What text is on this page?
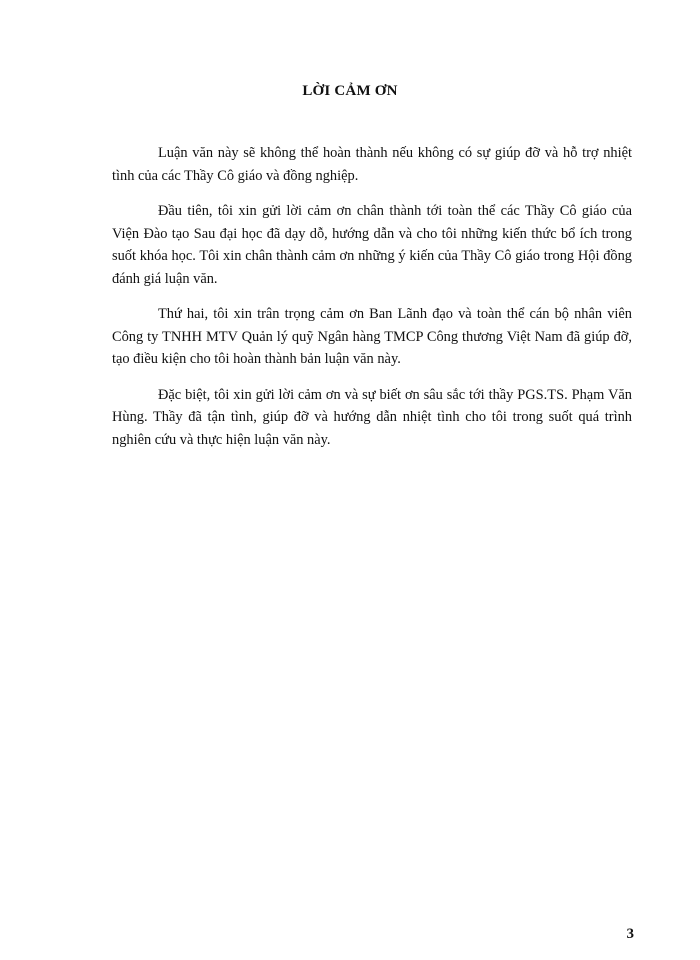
LỜI CẢM ƠN

Luận văn này sẽ không thể hoàn thành nếu không có sự giúp đỡ và hỗ trợ nhiệt tình của các Thầy Cô giáo và đồng nghiệp.

Đầu tiên, tôi xin gửi lời cảm ơn chân thành tới toàn thể các Thầy Cô giáo của Viện Đào tạo Sau đại học đã dạy dỗ, hướng dẫn và cho tôi những kiến thức bổ ích trong suốt khóa học. Tôi xin chân thành cảm ơn những ý kiến của Thầy Cô giáo trong Hội đồng đánh giá luận văn.

Thứ hai, tôi xin trân trọng cảm ơn Ban Lãnh đạo và toàn thể cán bộ nhân viên Công ty TNHH MTV Quản lý quỹ Ngân hàng TMCP Công thương Việt Nam đã giúp đỡ, tạo điều kiện cho tôi hoàn thành bản luận văn này.

Đặc biệt, tôi xin gửi lời cảm ơn và sự biết ơn sâu sắc tới thầy PGS.TS. Phạm Văn Hùng. Thầy đã tận tình, giúp đỡ và hướng dẫn nhiệt tình cho tôi trong suốt quá trình nghiên cứu và thực hiện luận văn này.

3
